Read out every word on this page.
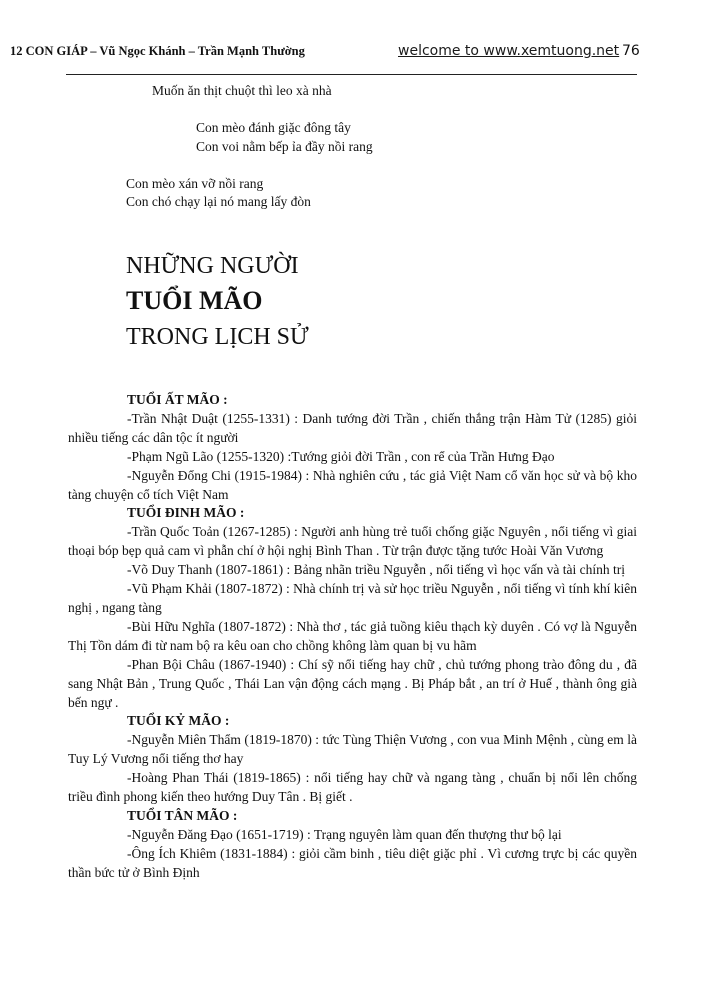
12 CON GIÁP – Vũ Ngọc Khánh – Trần Mạnh Thường	welcome to www.xemtuong.net 76
Muốn ăn thịt chuột thì leo xà nhà
Con mèo đánh giặc đông tây
Con voi nằm bếp ỉa đầy nồi rang
Con mèo xán vỡ nồi rang
Con chó chạy lại nó mang lấy đòn
NHỮNG NGƯỜI
TUỔI MÃO
TRONG LỊCH SỬ

TUỔI ẤT MÃO :

-Trần Nhật Duật (1255-1331) : Danh tướng đời Trần , chiến thắng trận Hàm Tử (1285) giỏi nhiều tiếng các dân tộc ít người

-Phạm Ngũ Lão (1255-1320) :Tướng giỏi đời Trần , con rể của Trần Hưng Đạo

-Nguyễn Đổng Chi (1915-1984) : Nhà nghiên cứu , tác giả Việt Nam cổ văn học sử và bộ kho tàng chuyện cổ tích Việt Nam

TUỔI ĐINH MÃO :

-Trần Quốc Toản (1267-1285) : Người anh hùng trẻ tuổi chống giặc Nguyên , nổi tiếng vì giai thoại bóp bẹp quả cam vì phẫn chí ở hội nghị Bình Than . Từ trận được tặng tước Hoài Văn Vương

-Võ Duy Thanh (1807-1861) : Bảng nhãn triều Nguyễn , nổi tiếng vì học vấn và tài chính trị

-Vũ Phạm Khải (1807-1872) : Nhà chính trị và sử học triều Nguyễn , nổi tiếng vì tính khí kiên nghị , ngang tàng

-Bùi Hữu Nghĩa (1807-1872) : Nhà thơ , tác giả tuồng kiêu thạch kỳ duyên . Có vợ là Nguyễn Thị Tồn dám đi từ nam bộ ra kêu oan cho chồng không làm quan bị vu hãm

-Phan Bội Châu (1867-1940) : Chí sỹ nổi tiếng hay chữ , chủ tướng phong trào đông du , đã sang Nhật Bản , Trung Quốc , Thái Lan vận động cách mạng . Bị Pháp bắt , an trí ở Huế , thành ông già bến ngự .

TUỔI KỶ MÃO :

-Nguyễn Miên Thẩm (1819-1870) : tức Tùng Thiện Vương , con vua Minh Mệnh , cùng em là Tuy Lý Vương nổi tiếng thơ hay

-Hoàng Phan Thái (1819-1865) : nổi tiếng hay chữ và ngang tàng , chuẩn bị nổi lên chống triều đình phong kiến theo hướng Duy Tân . Bị giết .

TUỔI TÂN MÃO :

-Nguyễn Đăng Đạo (1651-1719) : Trạng nguyên làm quan đến thượng thư bộ lại

-Ông Ích Khiêm (1831-1884) : giỏi cầm binh , tiêu diệt giặc phỉ . Vì cương trực bị các quyền thần bức tử ở Bình Định
